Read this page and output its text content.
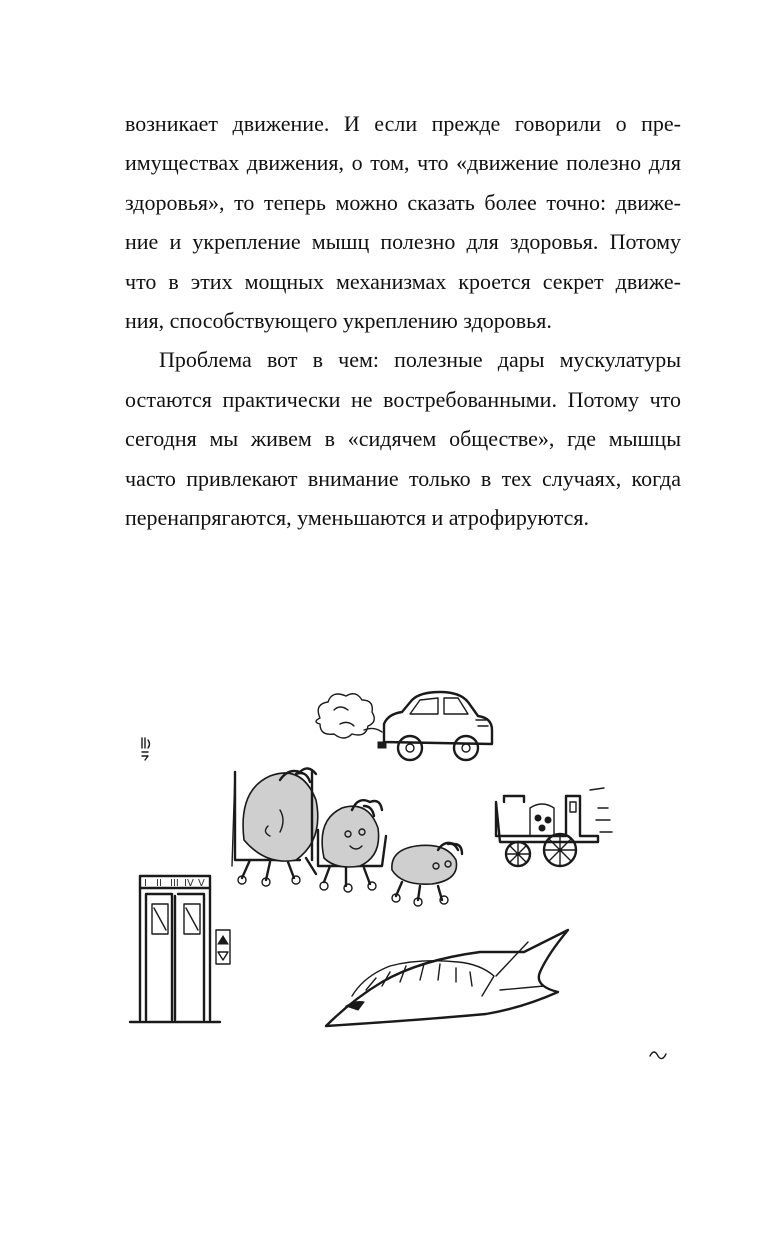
возникает движение. И если прежде говорили о пре-
имуществах движения, о том, что «движение полезно для
здоровья», то теперь можно сказать более точно: движе-
ние и укрепление мышц полезно для здоровья. Потому
что в этих мощных механизмах кроется секрет движе-
ния, способствующего укреплению здоровья.
Проблема вот в чем: полезные дары мускулатуры
остаются практически не востребованными. Потому что
сегодня мы живем в «сидячем обществе», где мышцы
часто привлекают внимание только в тех случаях, когда
перенапрягаются, уменьшаются и атрофируются.
I II III IV V
